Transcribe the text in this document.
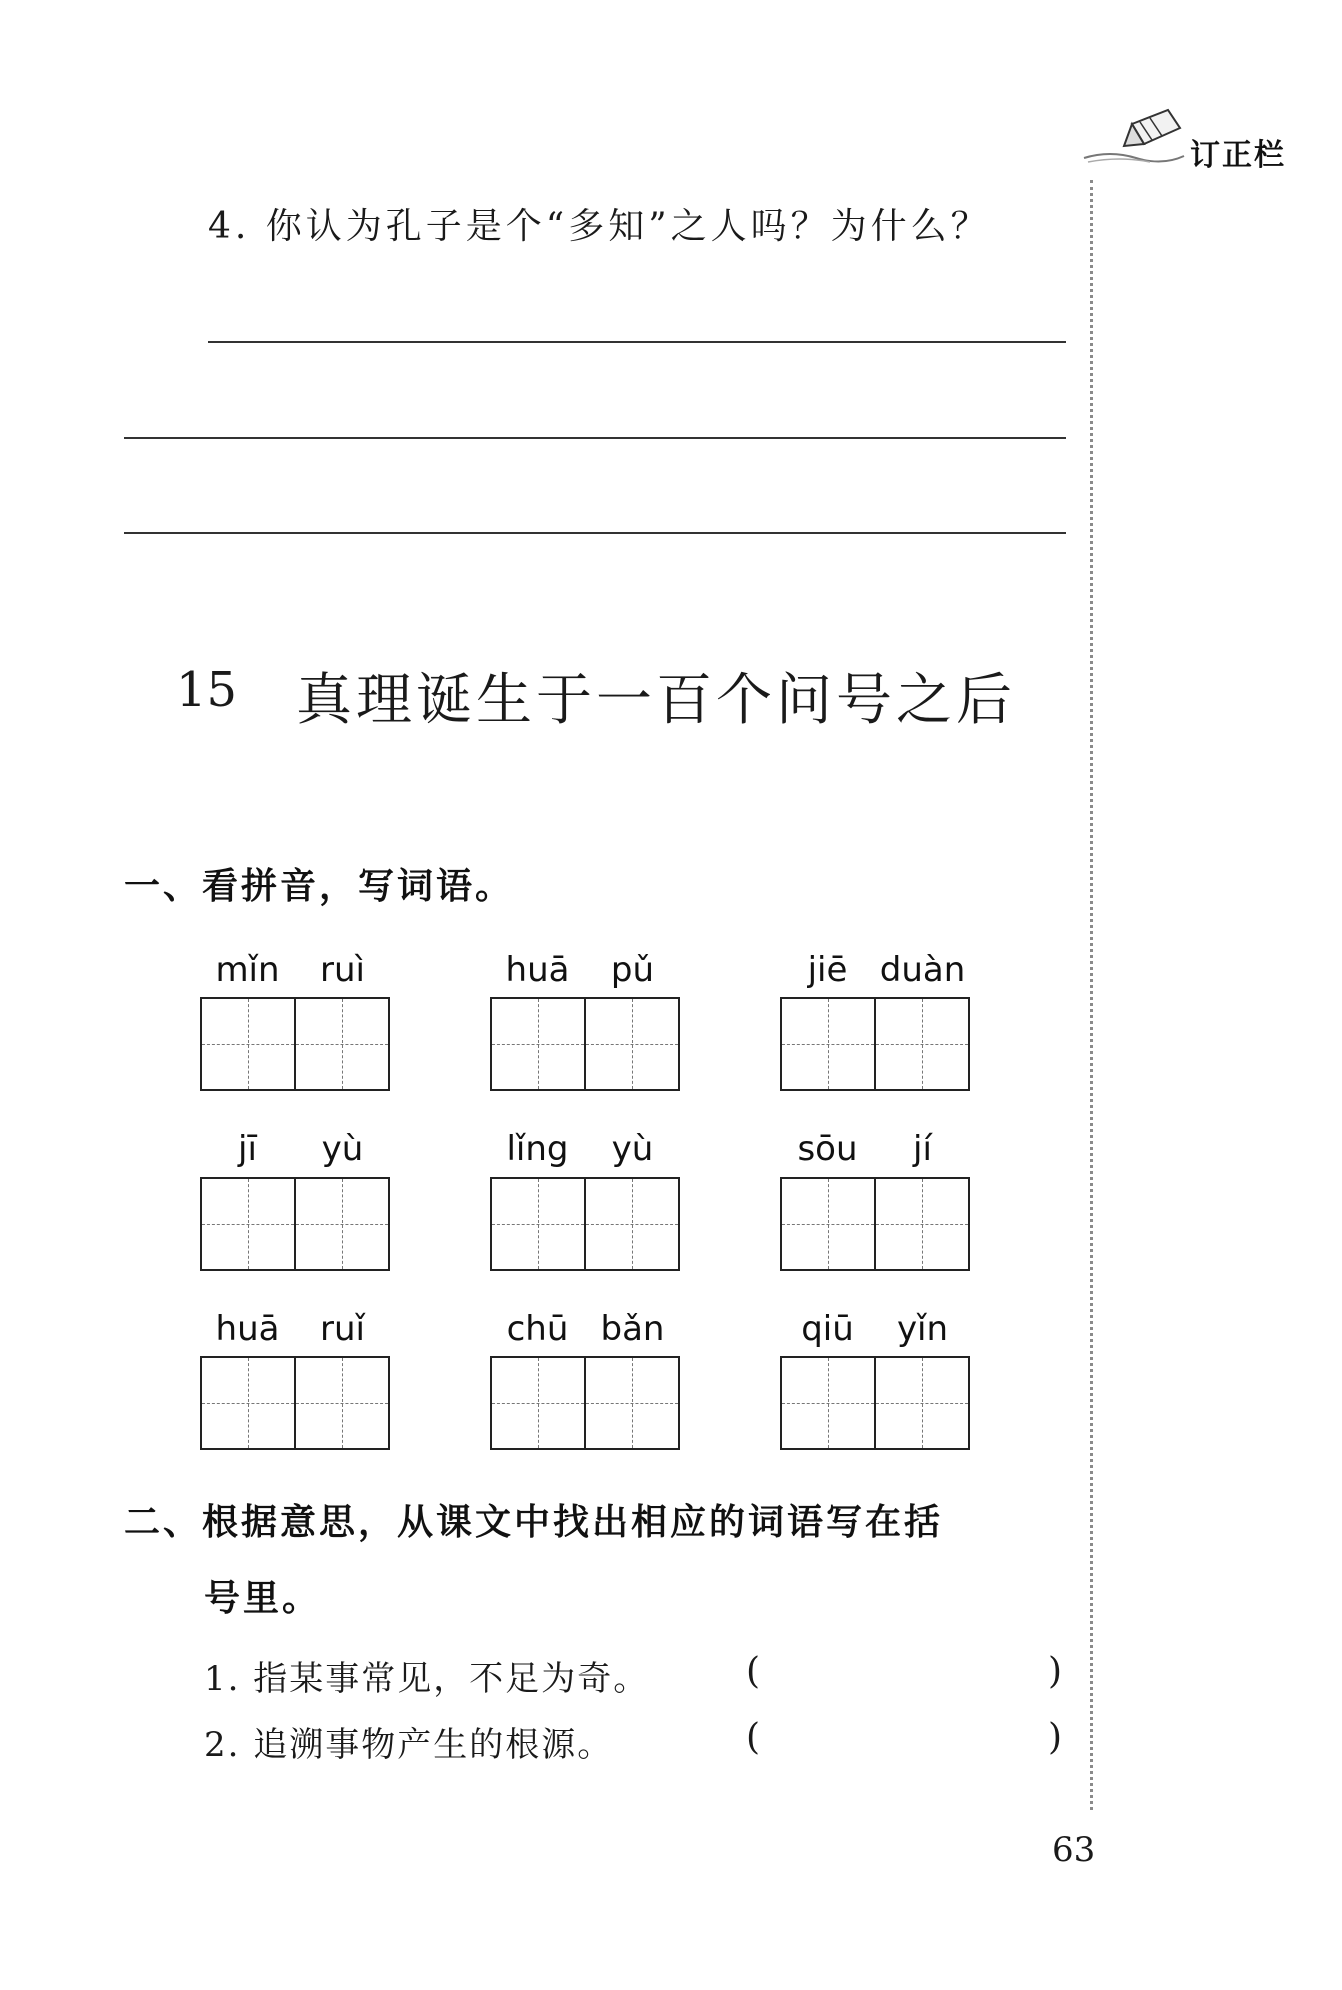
订正栏
4. 你认为孔子是个“多知”之人吗？为什么？
15 真理诞生于一百个问号之后
一、看拼音，写词语。
mǐn	ruì	huā	pǔ	jiē duàn
jī	yù	lǐng	yù	sōu	jí
huā	ruǐ	chū bǎn	qiū	yǐn
二、根据意思，从课文中找出相应的词语写在括
号里。
1. 指某事常见，不足为奇。	(	)
2. 追溯事物产生的根源。	(	)
63
